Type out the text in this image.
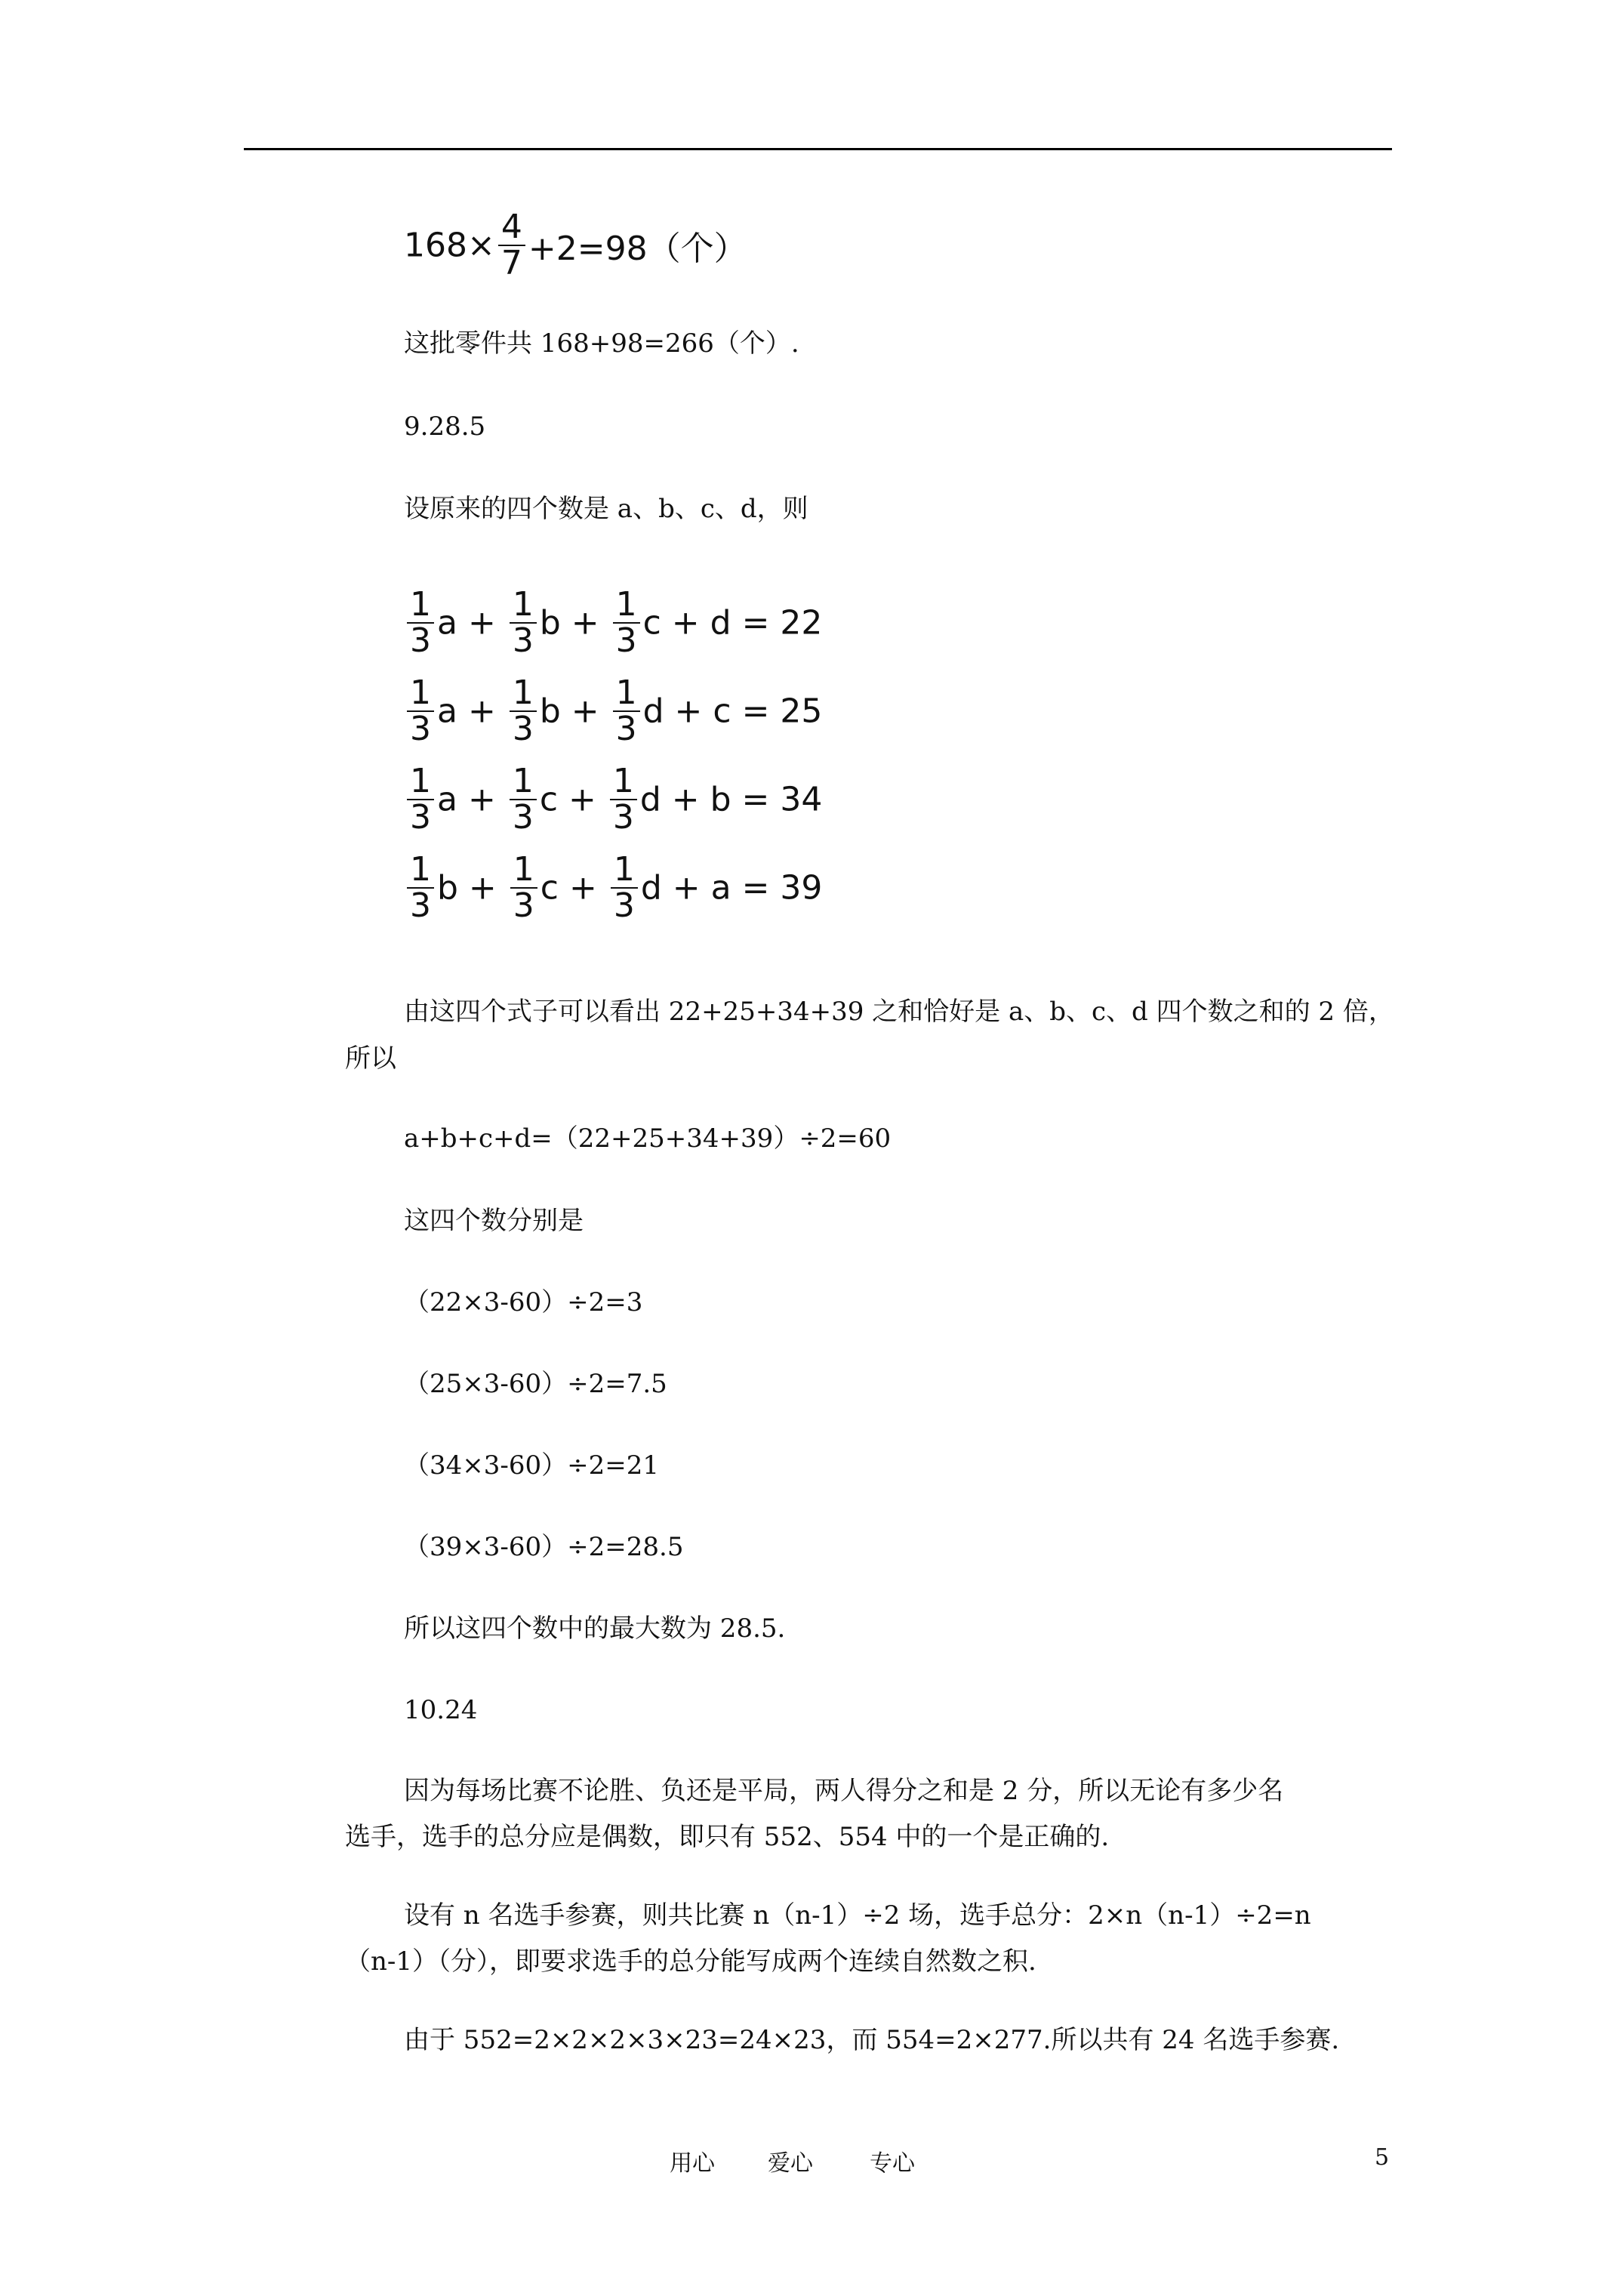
$168\times \frac{4}{7} +2=98$（个）
这批零件共 168+98=266（个）.
9.28.5
设原来的四个数是 a、b、c、d，则
$\frac{1}{3}$ $a + \frac{1}{3}$ $b + \frac{1}{3}$ c + d = 22
$\frac{1}{3}$ $a + \frac{1}{3}$ $b + \frac{1}{3}$ d + c = 25
$\frac{1}{3}$ $a + \frac{1}{3}$ $c + \frac{1}{3}$ d + b = 34
$\frac{1}{3}$ $b + \frac{1}{3}$ $c + \frac{1}{3}$ d + a = 39
由这四个式子可以看出 22+25+34+39 之和恰好是 a、b、c、d 四个数之和的 2 倍，
所以
a+b+c+d=（22+25+34+39）÷2=60
这四个数分别是
（22×3-60）÷2=3
（25×3-60）÷2=7.5
（34×3-60）÷2=21
（39×3-60）÷2=28.5
所以这四个数中的最大数为 28.5.
10.24
因为每场比赛不论胜、负还是平局，两人得分之和是 2 分，所以无论有多少名
选手，选手的总分应是偶数，即只有 552、554 中的一个是正确的.
设有 n 名选手参赛，则共比赛 n（n-1）÷2 场，选手总分：2×n（n-1）÷2=n
（n-1）（分），即要求选手的总分能写成两个连续自然数之积.
由于 552=2×2×2×3×23=24×23，而 554=2×277.所以共有 24 名选手参赛.
用心 爱心	专心	5
